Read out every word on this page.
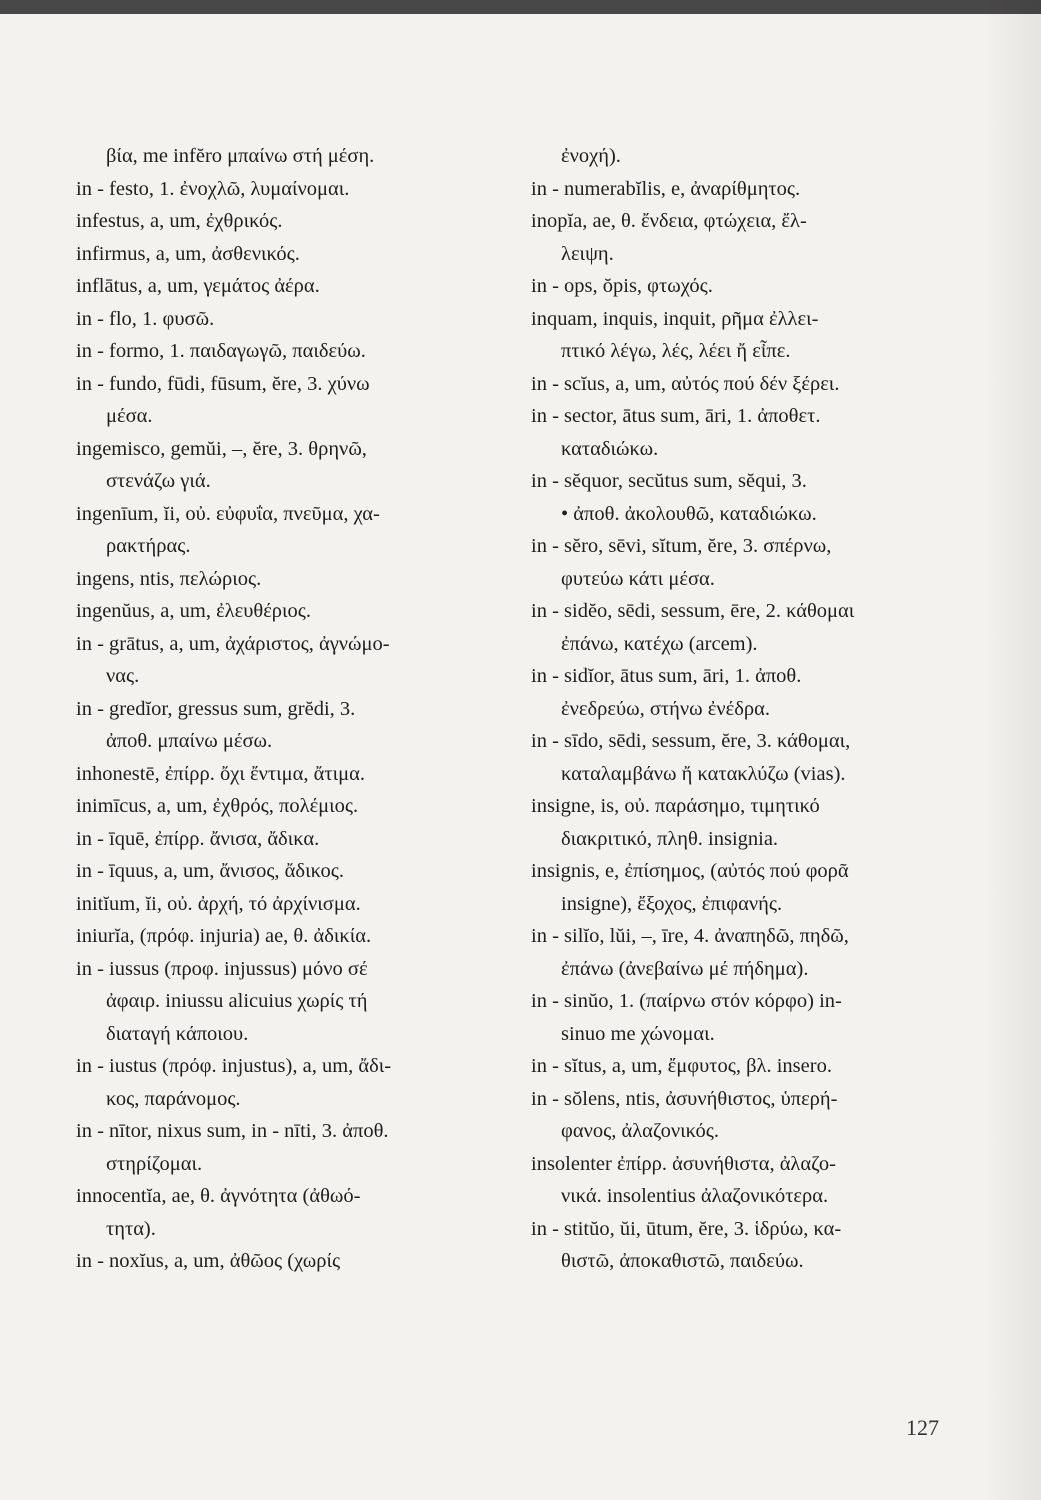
βία, me infĕro μπαίνω στή μέση.
in - festo, 1. ἐνοχλῶ, λυμαίνομαι.
infestus, a, um, ἐχθρικός.
infirmus, a, um, ἀσθενικός.
inflātus, a, um, γεμάτος ἀέρα.
in - flo, 1. φυσῶ.
in - formo, 1. παιδαγωγῶ, παιδεύω.
in - fundo, fūdi, fūsum, ĕre, 3. χύνω
μέσα.
ingemisco, gemŭi, –, ĕre, 3. θρηνῶ,
στενάζω γιά.
ingenīum, ĭi, οὐ. εὐφυΐα, πνεῦμα, χα-
ρακτήρας.
ingens, ntis, πελώριος.
ingenŭus, a, um, ἐλευθέριος.
in - grātus, a, um, ἀχάριστος, ἀγνώμο-
νας.
in - gredĭor, gressus sum, grĕdi, 3.
ἀποθ. μπαίνω μέσω.
inhonestē, ἐπίρρ. ὄχι ἔντιμα, ἄτιμα.
inimīcus, a, um, ἐχθρός, πολέμιος.
in - īquē, ἐπίρρ. ἄνισα, ἄδικα.
in - īquus, a, um, ἄνισος, ἄδικος.
initĭum, ĭi, οὐ. ἀρχή, τό ἀρχίνισμα.
iniurĭa, (πρόφ. injuria) ae, θ. ἀδικία.
in - iussus (προφ. injussus) μόνο σέ
ἀφαιρ. iniussu alicuius χωρίς τή
διαταγή κάποιου.
in - iustus (πρόφ. injustus), a, um, ἄδι-
κος, παράνομος.
in - nītor, nixus sum, in - nīti, 3. ἀποθ.
στηρίζομαι.
innocentĭa, ae, θ. ἀγνότητα (ἀθωό-
τητα).
in - noxĭus, a, um, ἀθῶος (χωρίς
ἐνοχή).
in - numerabĭlis, e, ἀναρίθμητος.
inopĭa, ae, θ. ἔνδεια, φτώχεια, ἔλ-
λειψη.
in - ops, ŏpis, φτωχός.
inquam, inquis, inquit, ρῆμα ἐλλει-
πτικό λέγω, λές, λέει ἤ εἶπε.
in - scĭus, a, um, αὐτός πού δέν ξέρει.
in - sector, ātus sum, āri, 1. ἀποθετ.
καταδιώκω.
in - sĕquor, secŭtus sum, sĕqui, 3.
• ἀποθ. ἀκολουθῶ, καταδιώκω.
in - sĕro, sēvi, sĭtum, ĕre, 3. σπέρνω,
φυτεύω κάτι μέσα.
in - sidĕo, sēdi, sessum, ēre, 2. κάθομαι
ἐπάνω, κατέχω (arcem).
in - sidĭor, ātus sum, āri, 1. ἀποθ.
ἐνεδρεύω, στήνω ἐνέδρα.
in - sīdo, sēdi, sessum, ĕre, 3. κάθομαι,
καταλαμβάνω ἤ κατακλύζω (vias).
insigne, is, οὐ. παράσημο, τιμητικό
διακριτικό, πληθ. insignia.
insignis, e, ἐπίσημος, (αὐτός πού φορᾶ
insigne), ἔξοχος, ἐπιφανής.
in - silĭo, lŭi, –, īre, 4. ἀναπηδῶ, πηδῶ,
ἐπάνω (ἀνεβαίνω μέ πήδημα).
in - sinŭo, 1. (παίρνω στόν κόρφο) in-
sinuo me χώνομαι.
in - sĭtus, a, um, ἔμφυτος, βλ. insero.
in - sŏlens, ntis, ἀσυνήθιστος, ὑπερή-
φανος, ἀλαζονικός.
insolenter ἐπίρρ. ἀσυνήθιστα, ἀλαζο-
νικά. insolentius ἀλαζονικότερα.
in - stitŭo, ŭi, ūtum, ĕre, 3. ἱδρύω, κα-
θιστῶ, ἀποκαθιστῶ, παιδεύω.
127
